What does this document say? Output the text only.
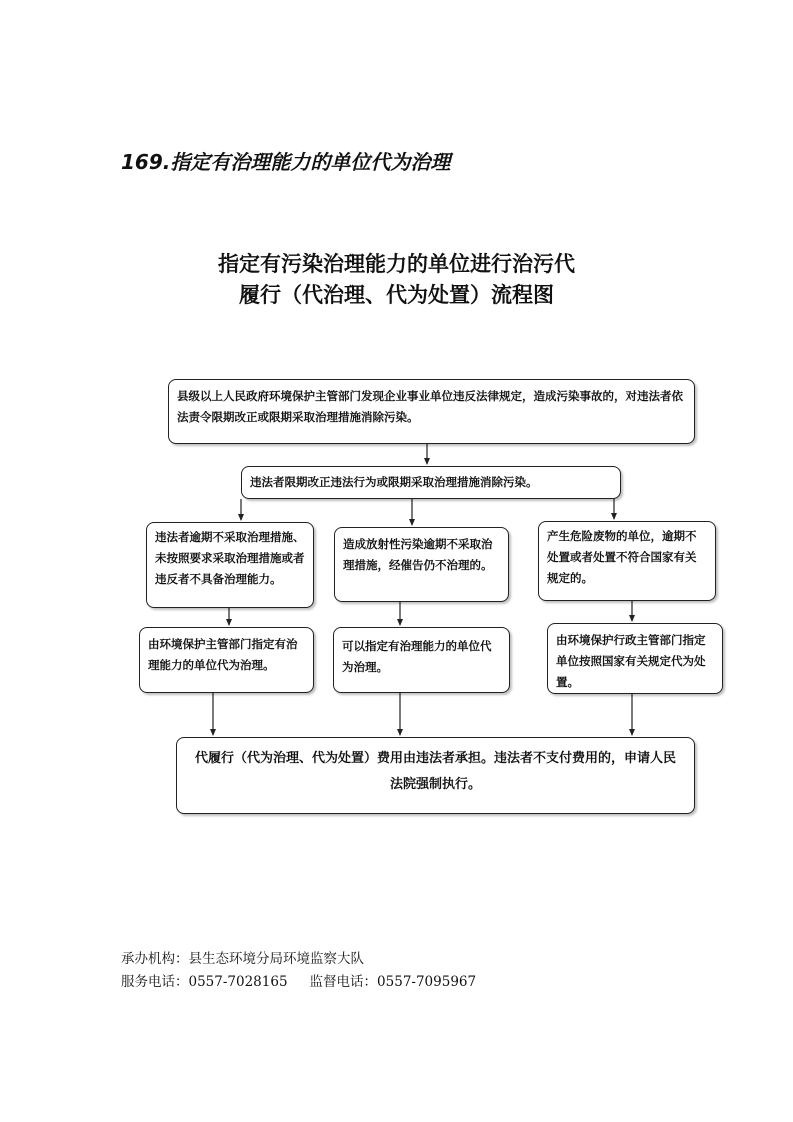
169.指定有治理能力的单位代为治理
指定有污染治理能力的单位进行治污代
履行（代治理、代为处置）流程图
县级以上人民政府环境保护主管部门发现企业事业单位违反法律规定，造成污染事故的，对违法者依法责令限期改正或限期采取治理措施消除污染。
违法者限期改正违法行为或限期采取治理措施消除污染。
违法者逾期不采取治理措施、未按照要求采取治理措施或者违反者不具备治理能力。
造成放射性污染逾期不采取治理措施，经催告仍不治理的。
产生危险废物的单位，逾期不处置或者处置不符合国家有关规定的。
由环境保护主管部门指定有治理能力的单位代为治理。
可以指定有治理能力的单位代为治理。
由环境保护行政主管部门指定单位按照国家有关规定代为处置。
代履行（代为治理、代为处置）费用由违法者承担。违法者不支付费用的，申请人民法院强制执行。
承办机构：县生态环境分局环境监察大队
服务电话：0557-7028165 监督电话：0557-7095967
